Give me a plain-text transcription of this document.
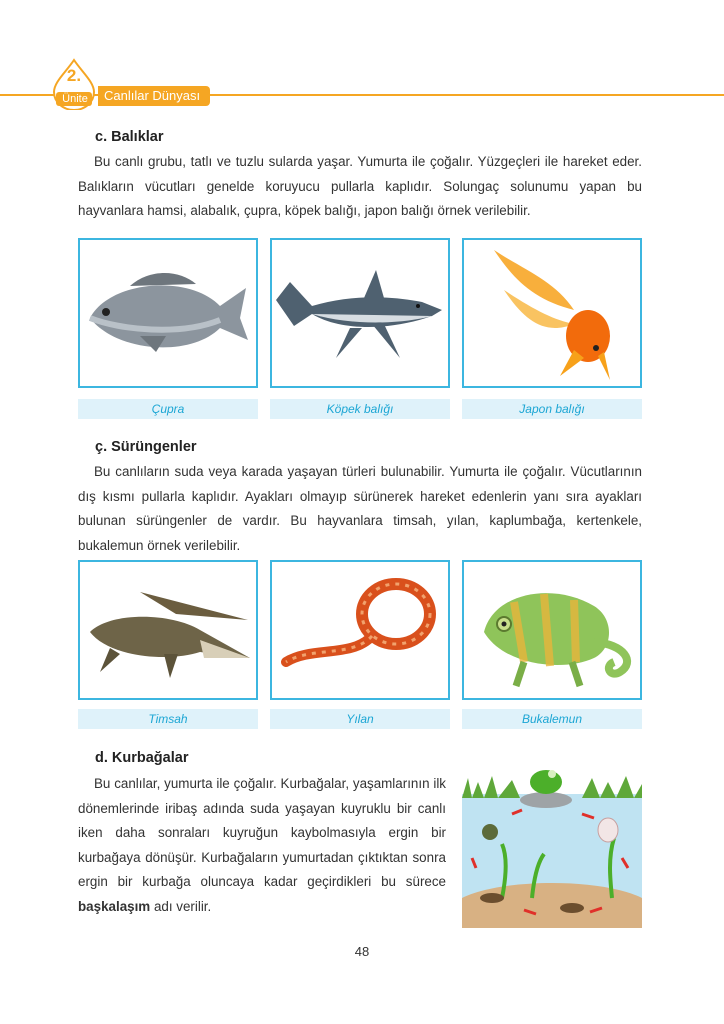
2.
Ünite	Canlılar Dünyası
c. Balıklar

Bu canlı grubu, tatlı ve tuzlu sularda yaşar. Yumurta ile çoğalır. Yüzgeçleri ile hareket eder. Balıkların vücutları genelde koruyucu pullarla kaplıdır. Solungaç solunumu yapan bu hayvanlara hamsi, alabalık, çupra, köpek balığı, japon balığı örnek verilebilir.

Çupra	Köpek balığı	Japon balığı
ç. Sürüngenler

Bu canlıların suda veya karada yaşayan türleri bulunabilir. Yumurta ile çoğalır. Vücutlarının dış kısmı pullarla kaplıdır. Ayakları olmayıp sürünerek hareket edenlerin yanı sıra ayakları bulunan sürüngenler de vardır. Bu hayvanlara timsah, yılan, kaplumbağa, kertenkele, bukalemun örnek verilebilir.

Timsah	Yılan	Bukalemun
d. Kurbağalar

Bu canlılar, yumurta ile çoğalır. Kurbağalar, yaşamlarının ilk dönemlerinde iribaş adında suda yaşayan kuyruklu bir canlı iken daha sonraları kuyruğun kaybolmasıyla ergin bir kurbağaya dönüşür. Kurbağaların yumurtadan çıktıktan sonra ergin bir kurbağa oluncaya kadar geçirdikleri bu sürece başkalaşım adı verilir.

48
